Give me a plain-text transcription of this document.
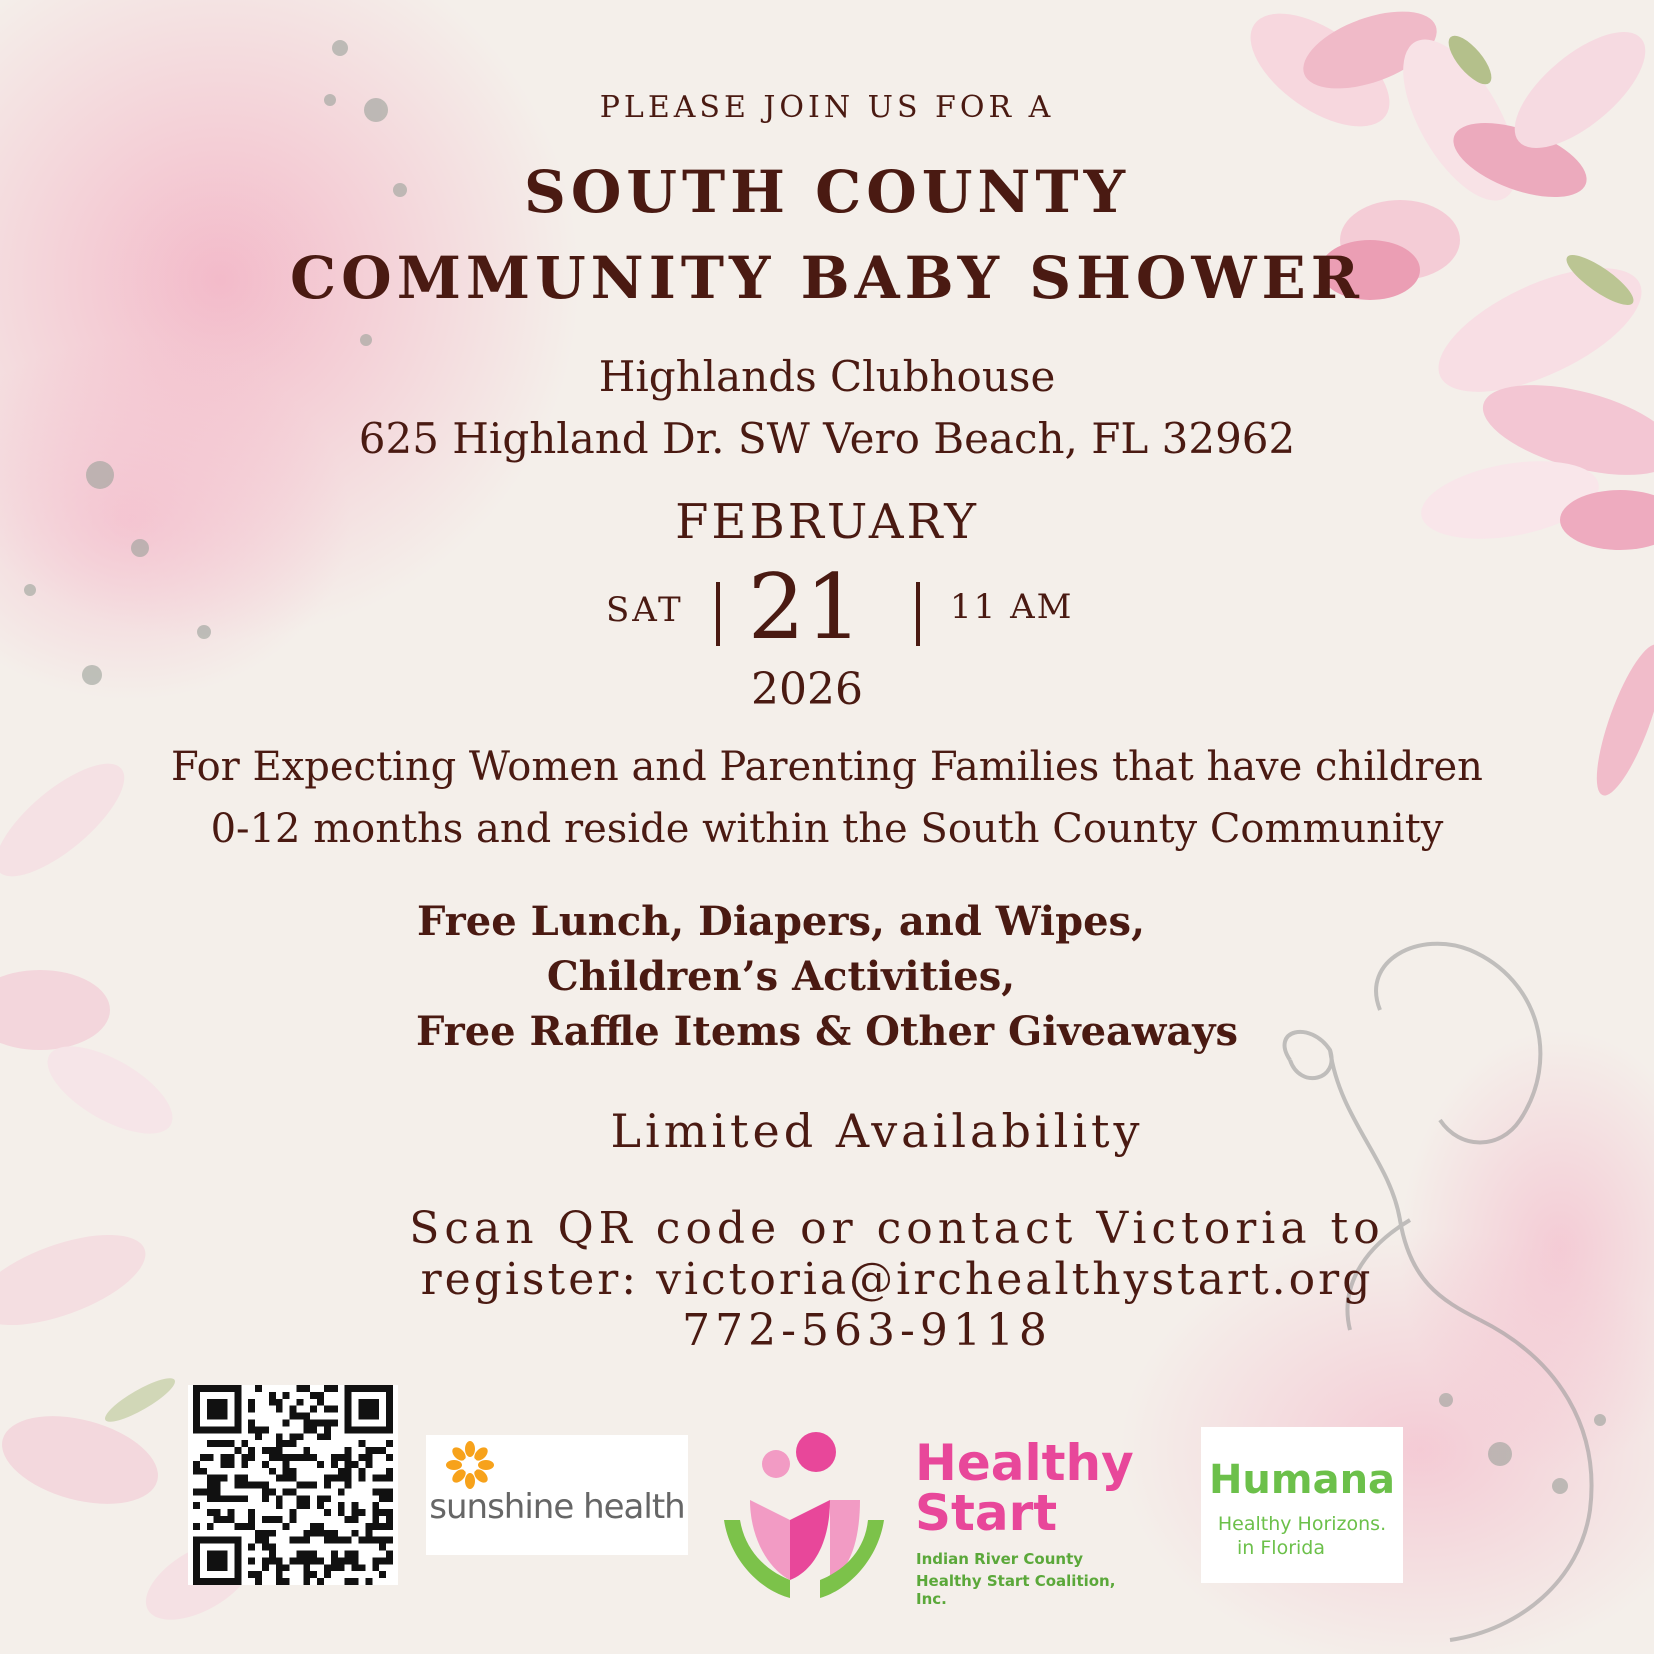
PLEASE JOIN US FOR A

SOUTH COUNTY

COMMUNITY BABY SHOWER

Highlands Clubhouse

625 Highland Dr. SW Vero Beach, FL 32962

FEBRUARY

SAT 21	11 AM

2026

For Expecting Women and Parenting Families that have children

0-12 months and reside within the South County Community

Free Lunch, Diapers, and Wipes,

Children’s Activities,

Free Raffle Items & Other Giveaways

Limited Availability

Scan QR code or contact Victoria to

register: victoria@irchealthystart.org

772-563-9118

sunshine health
Healthy
Start
Indian River County
Healthy Start Coalition, Inc.
Humana
Healthy Horizons.
in Florida
